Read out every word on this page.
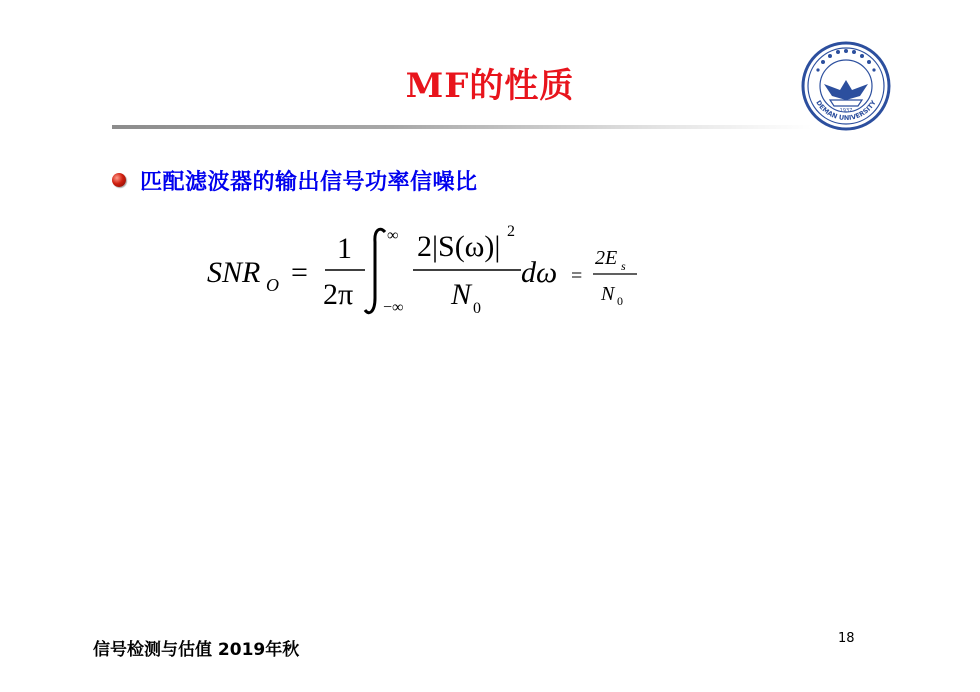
MF的性质
1937
DEMAN UNIVERSITY
匹配滤波器的输出信号功率信噪比
SNR O =
1
2π
∞
−∞
2|S(ω)| 2
N 0
dω =
2E s
N 0
信号检测与估值 2019年秋
18
